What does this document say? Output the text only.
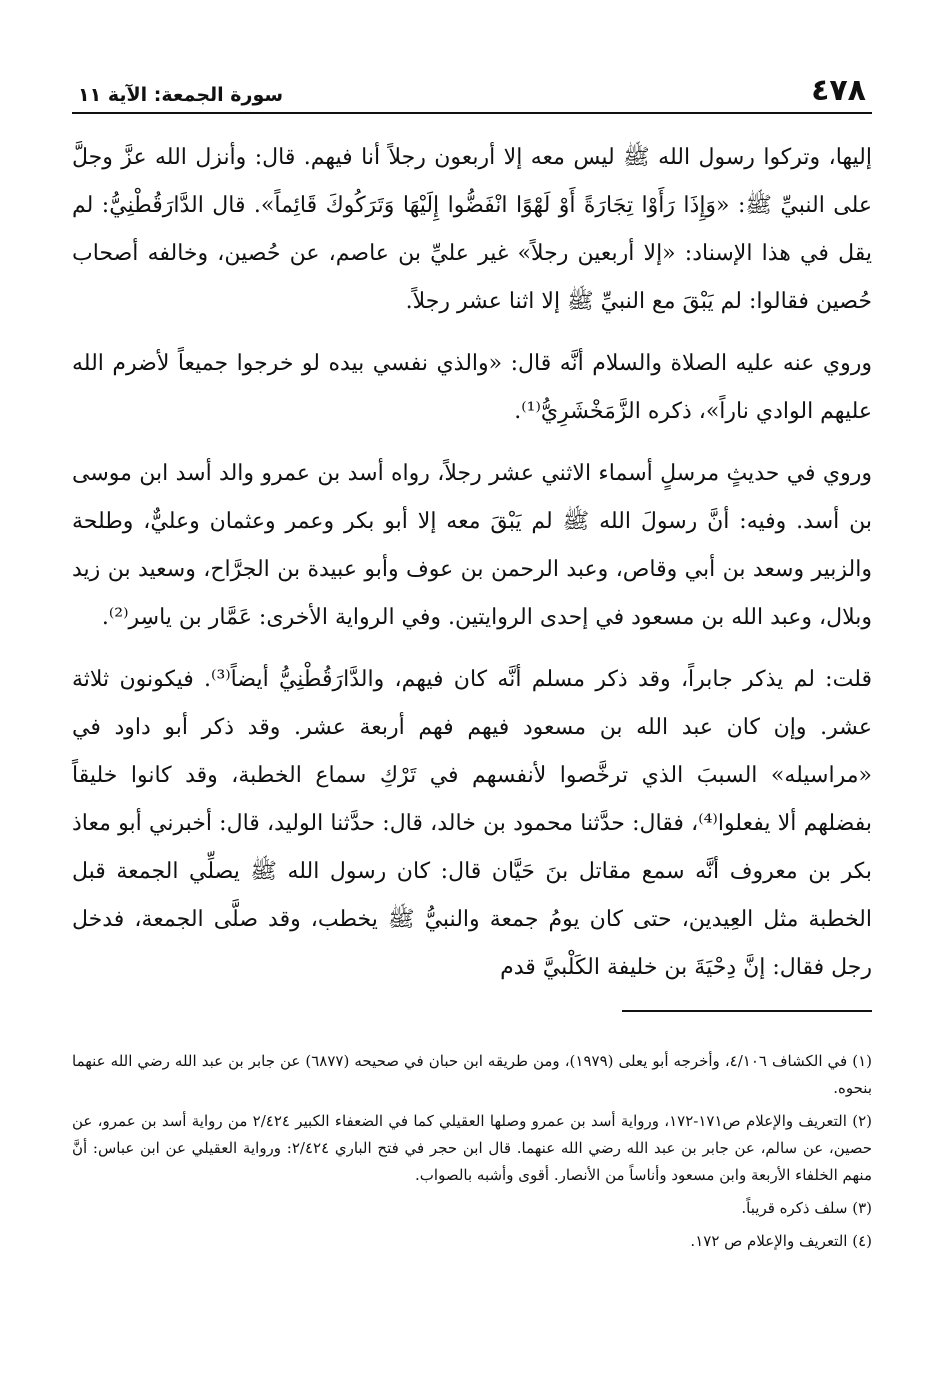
٤٧٨
سورة الجمعة: الآية ١١

إليها، وتركوا رسول الله ﷺ ليس معه إلا أربعون رجلاً أنا فيهم. قال: وأنزل الله عزَّ وجلَّ على النبيِّ ﷺ: «وَإِذَا رَأَوْا تِجَارَةً أَوْ لَهْوًا انْفَضُّوا إِلَيْهَا وَتَرَكُوكَ قَائِماً». قال الدَّارَقُطْنِيُّ: لم يقل في هذا الإسناد: «إلا أربعين رجلاً» غير عليِّ بن عاصم، عن حُصين، وخالفه أصحاب حُصين فقالوا: لم يَبْقَ مع النبيِّ ﷺ إلا اثنا عشر رجلاً.

وروي عنه عليه الصلاة والسلام أنَّه قال: «والذي نفسي بيده لو خرجوا جميعاً لأضرم الله عليهم الوادي ناراً»، ذكره الزَّمَخْشَرِيُّ⁽¹⁾.

وروي في حديثٍ مرسلٍ أسماء الاثني عشر رجلاً، رواه أسد بن عمرو والد أسد ابن موسى بن أسد. وفيه: أنَّ رسولَ الله ﷺ لم يَبْقَ معه إلا أبو بكر وعمر وعثمان وعليٌّ، وطلحة والزبير وسعد بن أبي وقاص، وعبد الرحمن بن عوف وأبو عبيدة بن الجرَّاح، وسعيد بن زيد وبلال، وعبد الله بن مسعود في إحدى الروايتين. وفي الرواية الأخرى: عَمَّار بن ياسِر⁽²⁾.

قلت: لم يذكر جابراً، وقد ذكر مسلم أنَّه كان فيهم، والدَّارَقُطْنِيُّ أيضاً⁽³⁾. فيكونون ثلاثة عشر. وإن كان عبد الله بن مسعود فيهم فهم أربعة عشر. وقد ذكر أبو داود في «مراسيله» السببَ الذي ترخَّصوا لأنفسهم في تَرْكِ سماع الخطبة، وقد كانوا خليقاً بفضلهم ألا يفعلوا⁽⁴⁾، فقال: حدَّثنا محمود بن خالد، قال: حدَّثنا الوليد، قال: أخبرني أبو معاذ بكر بن معروف أنَّه سمع مقاتل بنَ حَيَّان قال: كان رسول الله ﷺ يصلِّي الجمعة قبل الخطبة مثل العِيدين، حتى كان يومُ جمعة والنبيُّ ﷺ يخطب، وقد صلَّى الجمعة، فدخل رجل فقال: إنَّ دِحْيَةَ بن خليفة الكَلْبيَّ قدم

(١) في الكشاف ٤/١٠٦، وأخرجه أبو يعلى (١٩٧٩)، ومن طريقه ابن حبان في صحيحه (٦٨٧٧) عن جابر بن عبد الله رضي الله عنهما بنحوه.

(٢) التعريف والإعلام ص١٧١-١٧٢، ورواية أسد بن عمرو وصلها العقيلي كما في الضعفاء الكبير ٢/٤٢٤ من رواية أسد بن عمرو، عن حصين، عن سالم، عن جابر بن عبد الله رضي الله عنهما. قال ابن حجر في فتح الباري ٢/٤٢٤: ورواية العقيلي عن ابن عباس: أنَّ منهم الخلفاء الأربعة وابن مسعود وأناساً من الأنصار. أقوى وأشبه بالصواب.

(٣) سلف ذكره قريباً.

(٤) التعريف والإعلام ص ١٧٢.
